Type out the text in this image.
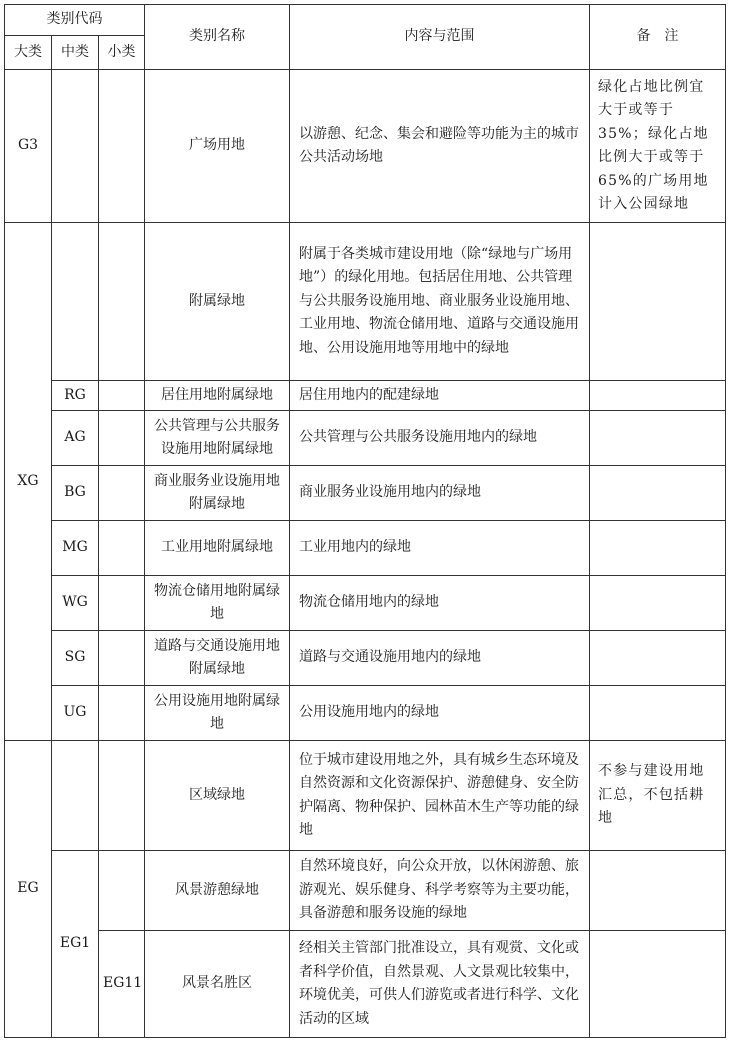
类别代码			类别名称	内容与范围	备　注
大类	中类	小类			
G3			广场用地	以游憩、纪念、集会和避险等功能为主的城市公共活动场地	绿化占地比例宜大于或等于35%；绿化占地比例大于或等于65%的广场用地计入公园绿地
XG			附属绿地	附属于各类城市建设用地（除“绿地与广场用地”）的绿化用地。包括居住用地、公共管理与公共服务设施用地、商业服务业设施用地、工业用地、物流仓储用地、道路与交通设施用地、公用设施用地等用地中的绿地	
	RG		居住用地附属绿地	居住用地内的配建绿地	
	AG		公共管理与公共服务设施用地附属绿地	公共管理与公共服务设施用地内的绿地	
	BG		商业服务业设施用地附属绿地	商业服务业设施用地内的绿地	
	MG		工业用地附属绿地	工业用地内的绿地	
	WG		物流仓储用地附属绿地	物流仓储用地内的绿地	
	SG		道路与交通设施用地附属绿地	道路与交通设施用地内的绿地	
	UG		公用设施用地附属绿地	公用设施用地内的绿地	
EG			区域绿地	位于城市建设用地之外，具有城乡生态环境及自然资源和文化资源保护、游憩健身、安全防护隔离、物种保护、园林苗木生产等功能的绿地	不参与建设用地汇总，不包括耕地
	EG1		风景游憩绿地	自然环境良好，向公众开放，以休闲游憩、旅游观光、娱乐健身、科学考察等为主要功能，具备游憩和服务设施的绿地	
		EG11	风景名胜区	经相关主管部门批准设立，具有观赏、文化或者科学价值，自然景观、人文景观比较集中，环境优美，可供人们游览或者进行科学、文化活动的区域	
